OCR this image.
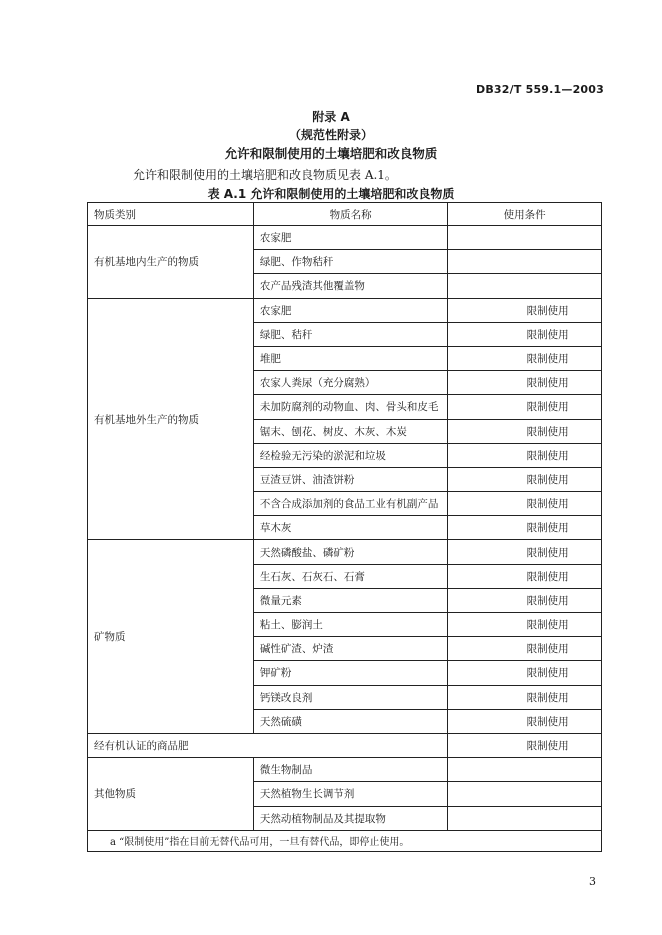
DB32/T 559.1—2003
附录 A
（规范性附录）
允许和限制使用的土壤培肥和改良物质
允许和限制使用的土壤培肥和改良物质见表 A.1。
表 A.1 允许和限制使用的土壤培肥和改良物质
物质类别	物质名称	使用条件
有机基地内生产的物质	农家肥	
	绿肥、作物秸秆	
	农产品残渣其他覆盖物	
有机基地外生产的物质	农家肥	限制使用
	绿肥、秸秆	限制使用
	堆肥	限制使用
	农家人粪尿（充分腐熟）	限制使用
	未加防腐剂的动物血、肉、骨头和皮毛	限制使用
	锯末、刨花、树皮、木灰、木炭	限制使用
	经检验无污染的淤泥和垃圾	限制使用
	豆渣豆饼、油渣饼粉	限制使用
	不含合成添加剂的食品工业有机副产品	限制使用
	草木灰	限制使用
矿物质	天然磷酸盐、磷矿粉	限制使用
	生石灰、石灰石、石膏	限制使用
	微量元素	限制使用
	粘土、膨润土	限制使用
	碱性矿渣、炉渣	限制使用
	钾矿粉	限制使用
	钙镁改良剂	限制使用
	天然硫磺	限制使用
经有机认证的商品肥		限制使用
其他物质	微生物制品	
	天然植物生长调节剂	
	天然动植物制品及其提取物	
a “限制使用”指在目前无替代品可用，一旦有替代品，即停止使用。		
3
